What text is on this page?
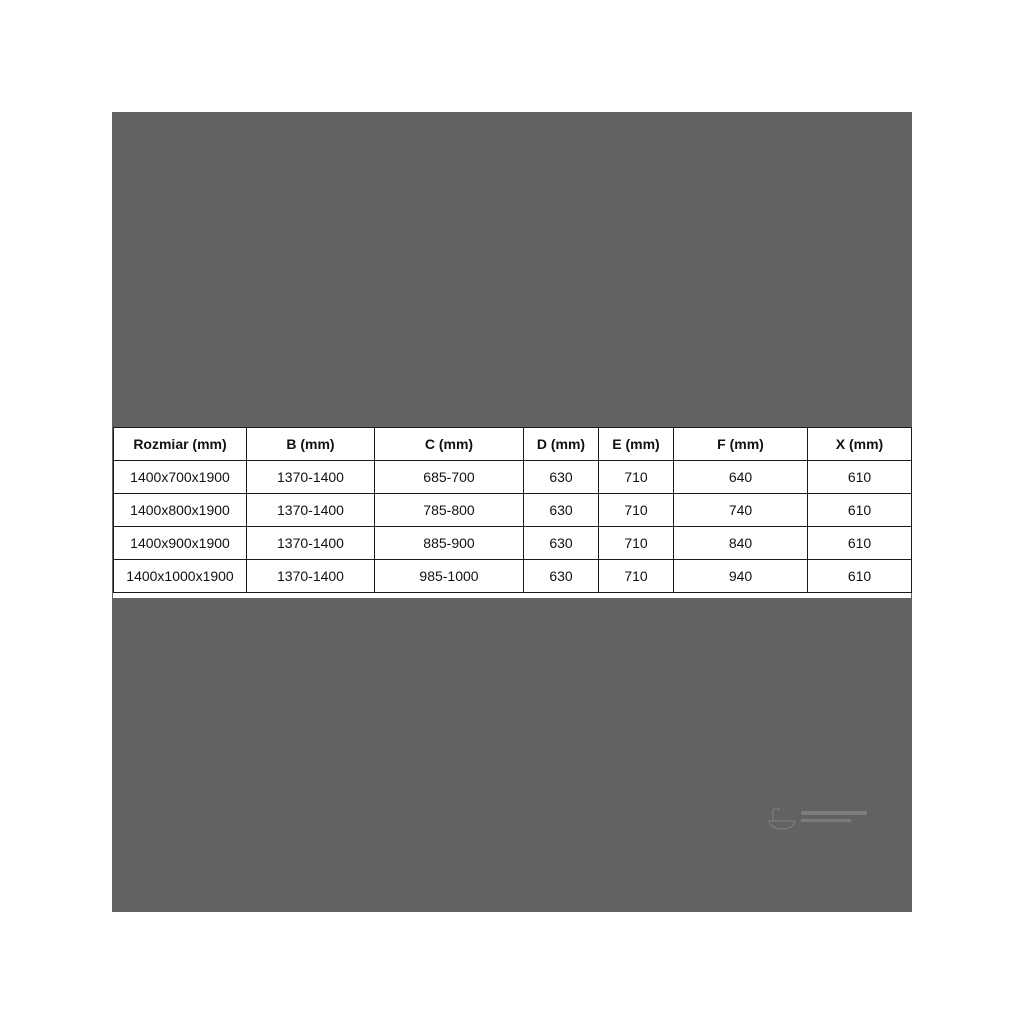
Rozmiar (mm)	B (mm)	C (mm)	D (mm)	E (mm)	F (mm)	X (mm)
1400x700x1900	1370-1400	685-700	630	710	640	610
1400x800x1900	1370-1400	785-800	630	710	740	610
1400x900x1900	1370-1400	885-900	630	710	840	610
1400x1000x1900	1370-1400	985-1000	630	710	940	610
